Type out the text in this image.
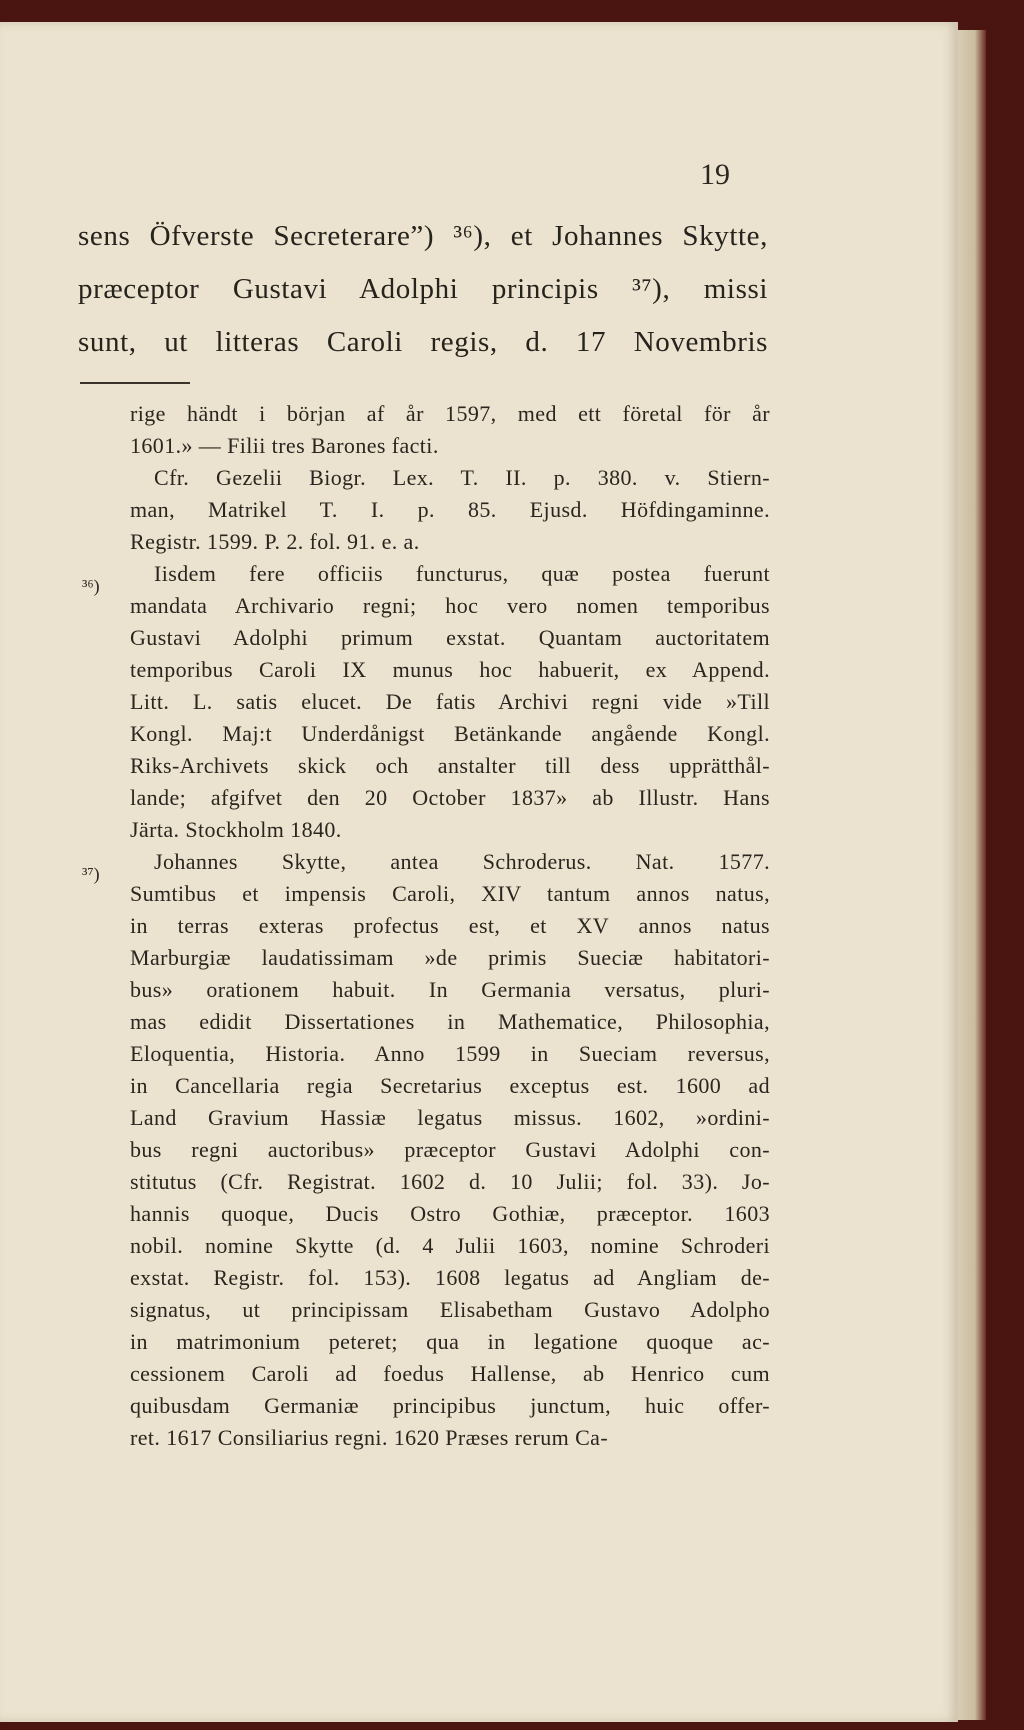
19
sens Öfverste Secreterare”) ³⁶), et Johannes Skytte,
præceptor Gustavi Adolphi principis ³⁷), missi
sunt, ut litteras Caroli regis, d. 17 Novembris
rige händt i början af år 1597, med ett företal för år
1601.» — Filii tres Barones facti.
Cfr. Gezelii Biogr. Lex. T. II. p. 380. v. Stiern-
man, Matrikel T. I. p. 85. Ejusd. Höfdingaminne.
Registr. 1599. P. 2. fol. 91. e. a.
Iisdem fere officiis functurus, quæ postea fuerunt
mandata Archivario regni; hoc vero nomen temporibus
Gustavi Adolphi primum exstat. Quantam auctoritatem
temporibus Caroli IX munus hoc habuerit, ex Append.
Litt. L. satis elucet. De fatis Archivi regni vide »Till
Kongl. Maj:t Underdånigst Betänkande angående Kongl.
Riks-Archivets skick och anstalter till dess upprätthål-
lande; afgifvet den 20 October 1837» ab Illustr. Hans
Järta. Stockholm 1840.
Johannes Skytte, antea Schroderus. Nat. 1577.
Sumtibus et impensis Caroli, XIV tantum annos natus,
in terras exteras profectus est, et XV annos natus
Marburgiæ laudatissimam »de primis Sueciæ habitatori-
bus» orationem habuit. In Germania versatus, pluri-
mas edidit Dissertationes in Mathematice, Philosophia,
Eloquentia, Historia. Anno 1599 in Sueciam reversus,
in Cancellaria regia Secretarius exceptus est. 1600 ad
Land Gravium Hassiæ legatus missus. 1602, »ordini-
bus regni auctoribus» præceptor Gustavi Adolphi con-
stitutus (Cfr. Registrat. 1602 d. 10 Julii; fol. 33). Jo-
hannis quoque, Ducis Ostro Gothiæ, præceptor. 1603
nobil. nomine Skytte (d. 4 Julii 1603, nomine Schroderi
exstat. Registr. fol. 153). 1608 legatus ad Angliam de-
signatus, ut principissam Elisabetham Gustavo Adolpho
in matrimonium peteret; qua in legatione quoque ac-
cessionem Caroli ad foedus Hallense, ab Henrico cum
quibusdam Germaniæ principibus junctum, huic offer-
ret. 1617 Consiliarius regni. 1620 Præses rerum Ca-
³⁶)
³⁷)
